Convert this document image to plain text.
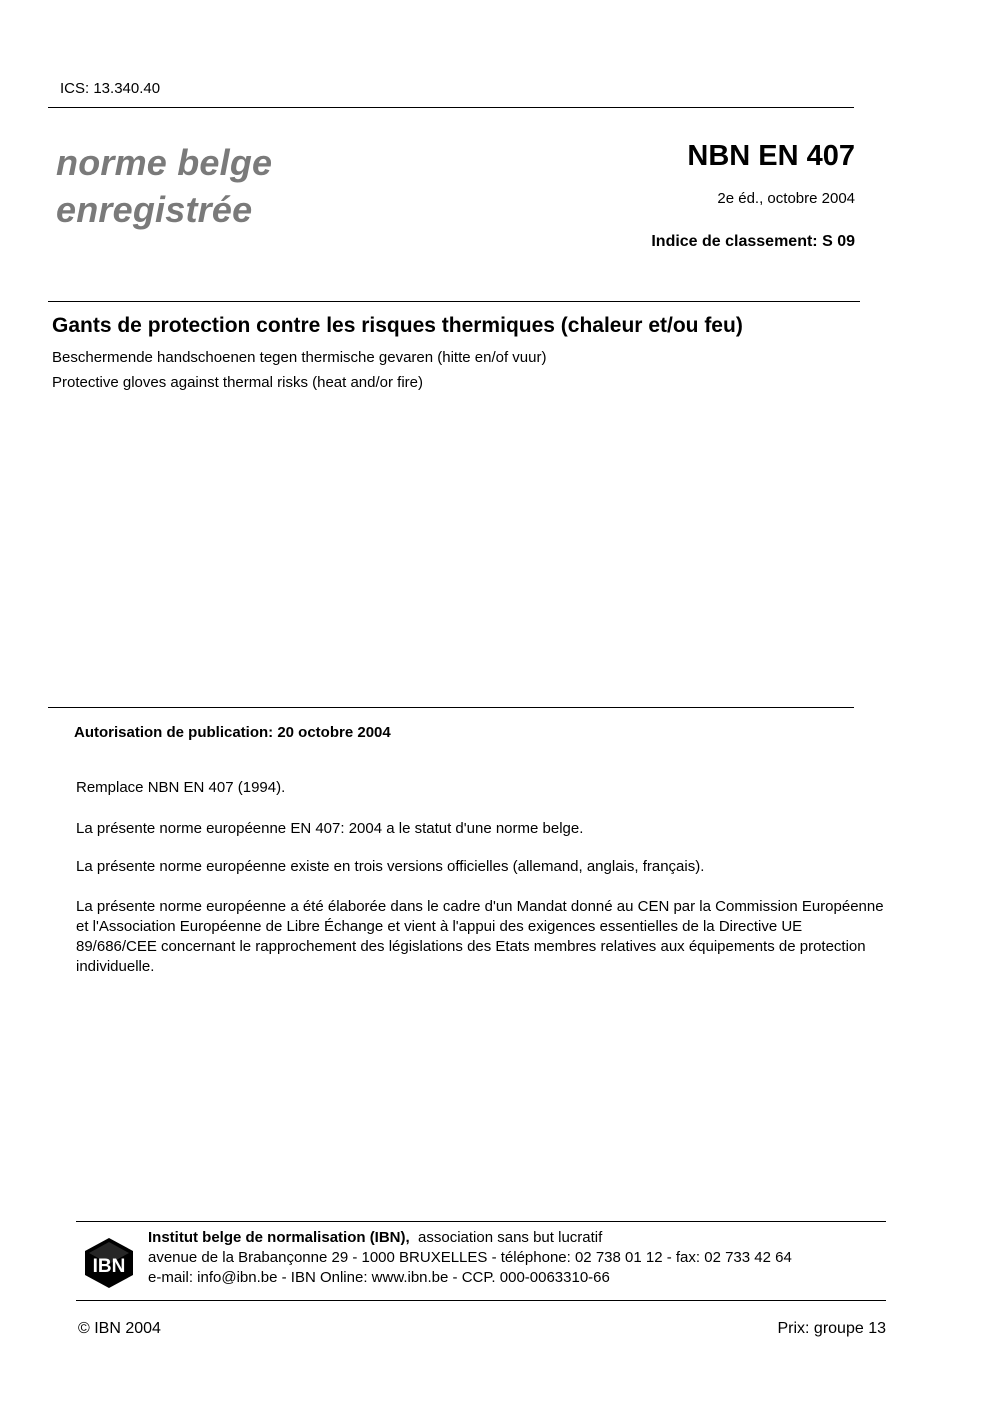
ICS: 13.340.40
norme belge
enregistrée
NBN EN 407
2e éd., octobre 2004
Indice de classement: S 09
Gants de protection contre les risques thermiques (chaleur et/ou feu)
Beschermende handschoenen tegen thermische gevaren (hitte en/of vuur)
Protective gloves against thermal risks (heat and/or fire)
Autorisation de publication: 20 octobre 2004
Remplace NBN EN 407 (1994).
La présente norme européenne EN 407: 2004 a le statut d'une norme belge.
La présente norme européenne existe en trois versions officielles (allemand, anglais, français).
La présente norme européenne a été élaborée dans le cadre d'un Mandat donné au CEN par la Commission Européenne et l'Association Européenne de Libre Échange et vient à l'appui des exigences essentielles de la Directive UE 89/686/CEE concernant le rapprochement des législations des Etats membres relatives aux équipements de protection individuelle.
IBN
Institut belge de normalisation (IBN), association sans but lucratif
avenue de la Brabançonne 29 - 1000 BRUXELLES - téléphone: 02 738 01 12 - fax: 02 733 42 64
e-mail: info@ibn.be - IBN Online: www.ibn.be - CCP. 000-0063310-66
© IBN 2004	Prix: groupe 13
